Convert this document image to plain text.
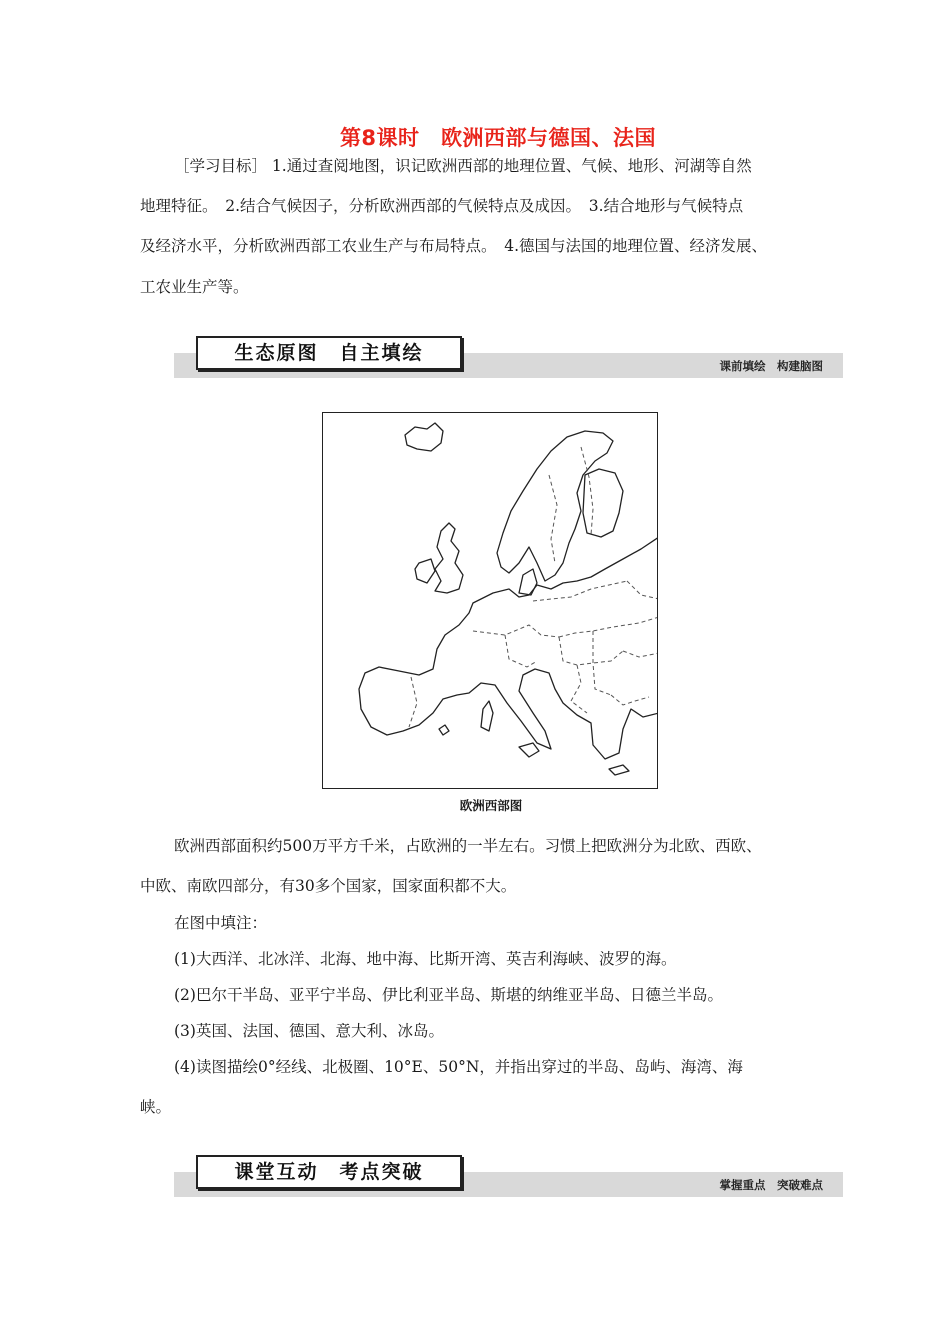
第8课时　欧洲西部与德国、法国
［学习目标］ 1.通过查阅地图，识记欧洲西部的地理位置、气候、地形、河湖等自然
地理特征。　2.结合气候因子，分析欧洲西部的气候特点及成因。　3.结合地形与气候特点
及经济水平，分析欧洲西部工农业生产与布局特点。　4.德国与法国的地理位置、经济发展、
工农业生产等。
生态原图　自主填绘
课前填绘　构建脑图
欧洲西部图
欧洲西部面积约500万平方千米，占欧洲的一半左右。习惯上把欧洲分为北欧、西欧、
中欧、南欧四部分，有30多个国家，国家面积都不大。
在图中填注：
(1)大西洋、北冰洋、北海、地中海、比斯开湾、英吉利海峡、波罗的海。
(2)巴尔干半岛、亚平宁半岛、伊比利亚半岛、斯堪的纳维亚半岛、日德兰半岛。
(3)英国、法国、德国、意大利、冰岛。
(4)读图描绘0°经线、北极圈、10°E、50°N，并指出穿过的半岛、岛屿、海湾、海
峡。
课堂互动　考点突破
掌握重点　突破难点
